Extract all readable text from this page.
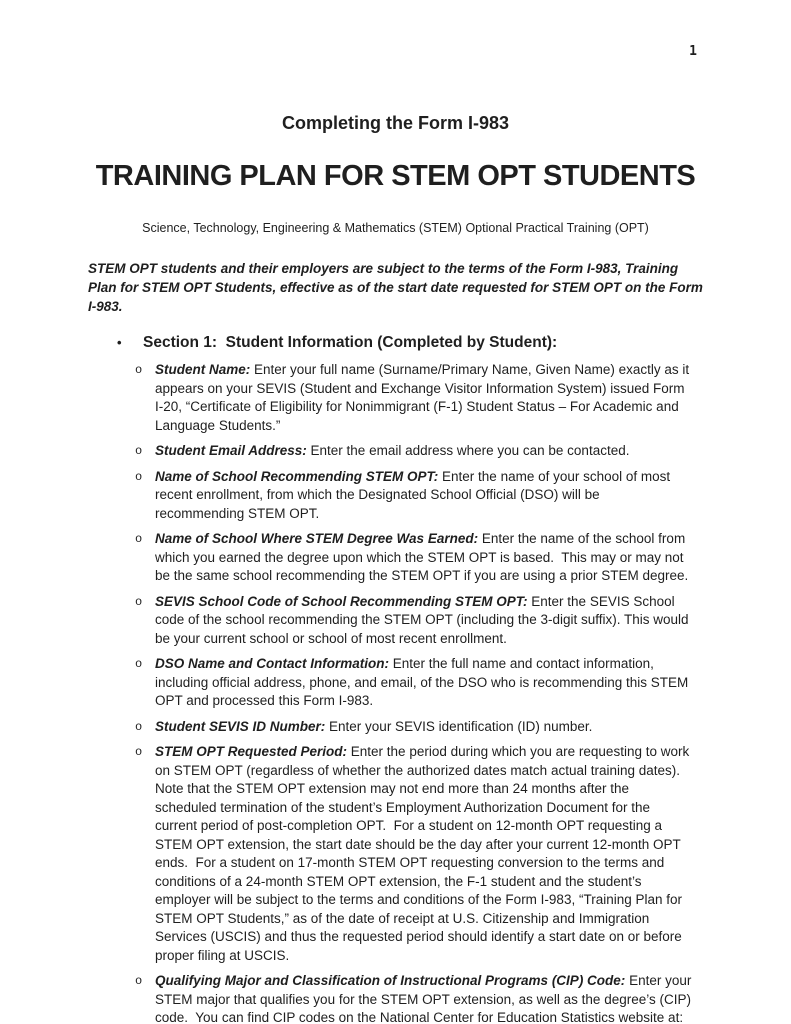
1

Completing the Form I-983

TRAINING PLAN FOR STEM OPT STUDENTS

Science, Technology, Engineering & Mathematics (STEM) Optional Practical Training (OPT)

STEM OPT students and their employers are subject to the terms of the Form I-983, Training Plan for STEM OPT Students, effective as of the start date requested for STEM OPT on the Form I-983.

•	Section 1:  Student Information (Completed by Student):
o Student Name: Enter your full name (Surname/Primary Name, Given Name) exactly as it appears on your SEVIS (Student and Exchange Visitor Information System) issued Form I-20, “Certificate of Eligibility for Nonimmigrant (F-1) Student Status – For Academic and Language Students.”
o Student Email Address: Enter the email address where you can be contacted.
o Name of School Recommending STEM OPT: Enter the name of your school of most recent enrollment, from which the Designated School Official (DSO) will be recommending STEM OPT.
o Name of School Where STEM Degree Was Earned: Enter the name of the school from which you earned the degree upon which the STEM OPT is based.  This may or may not be the same school recommending the STEM OPT if you are using a prior STEM degree.
o SEVIS School Code of School Recommending STEM OPT: Enter the SEVIS School code of the school recommending the STEM OPT (including the 3-digit suffix). This would be your current school or school of most recent enrollment.
o DSO Name and Contact Information: Enter the full name and contact information, including official address, phone, and email, of the DSO who is recommending this STEM OPT and processed this Form I-983.
o Student SEVIS ID Number: Enter your SEVIS identification (ID) number.
o STEM OPT Requested Period: Enter the period during which you are requesting to work on STEM OPT (regardless of whether the authorized dates match actual training dates). Note that the STEM OPT extension may not end more than 24 months after the scheduled termination of the student’s Employment Authorization Document for the current period of post-completion OPT.  For a student on 12-month OPT requesting a STEM OPT extension, the start date should be the day after your current 12-month OPT ends.  For a student on 17-month STEM OPT requesting conversion to the terms and conditions of a 24-month STEM OPT extension, the F-1 student and the student’s employer will be subject to the terms and conditions of the Form I-983, “Training Plan for STEM OPT Students,” as of the date of receipt at U.S. Citizenship and Immigration Services (USCIS) and thus the requested period should identify a start date on or before proper filing at USCIS.
o Qualifying Major and Classification of Instructional Programs (CIP) Code: Enter your STEM major that qualifies you for the STEM OPT extension, as well as the degree’s (CIP) code.  You can find CIP codes on the National Center for Education Statistics website at:
